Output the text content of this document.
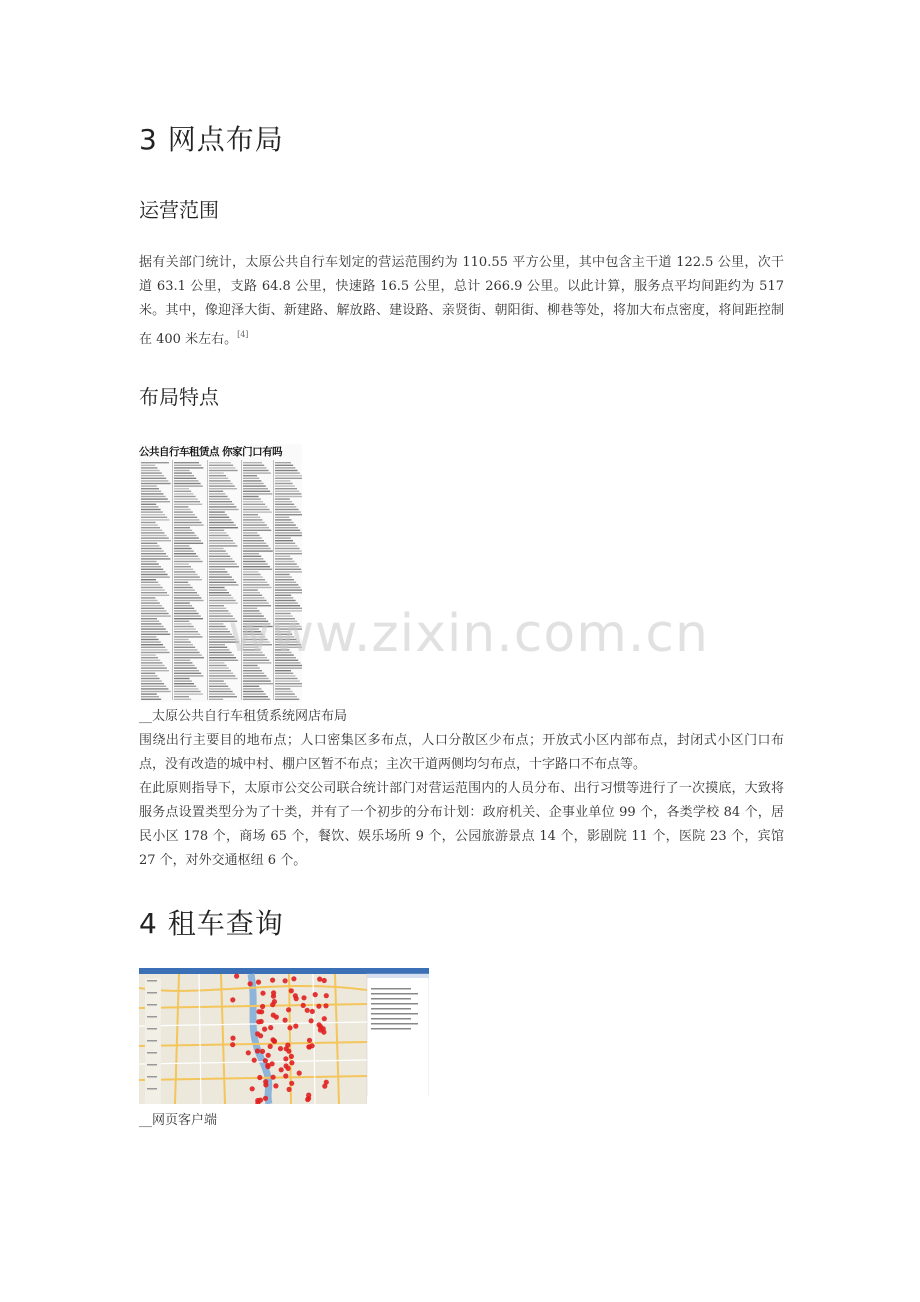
3 网点布局
运营范围

据有关部门统计，太原公共自行车划定的营运范围约为 110.55 平方公里，其中包含主干道 122.5 公里，次干道 63.1 公里，支路 64.8 公里，快速路 16.5 公里，总计 266.9 公里。以此计算，服务点平均间距约为 517 米。其中，像迎泽大街、新建路、解放路、建设路、亲贤街、朝阳街、柳巷等处，将加大布点密度，将间距控制在 400 米左右。[4]

布局特点
公共自行车租赁点 你家门口有吗
__太原公共自行车租赁系统网店布局

围绕出行主要目的地布点；人口密集区多布点，人口分散区少布点；开放式小区内部布点，封闭式小区门口布点，没有改造的城中村、棚户区暂不布点；主次干道两侧均匀布点，十字路口不布点等。

在此原则指导下，太原市公交公司联合统计部门对营运范围内的人员分布、出行习惯等进行了一次摸底，大致将服务点设置类型分为了十类，并有了一个初步的分布计划：政府机关、企事业单位 99 个，各类学校 84 个，居民小区 178 个，商场 65 个，餐饮、娱乐场所 9 个，公园旅游景点 14 个，影剧院 11 个，医院 23 个，宾馆 27 个，对外交通枢纽 6 个。

4 租车查询
__网页客户端
www.zixin.com.cn
